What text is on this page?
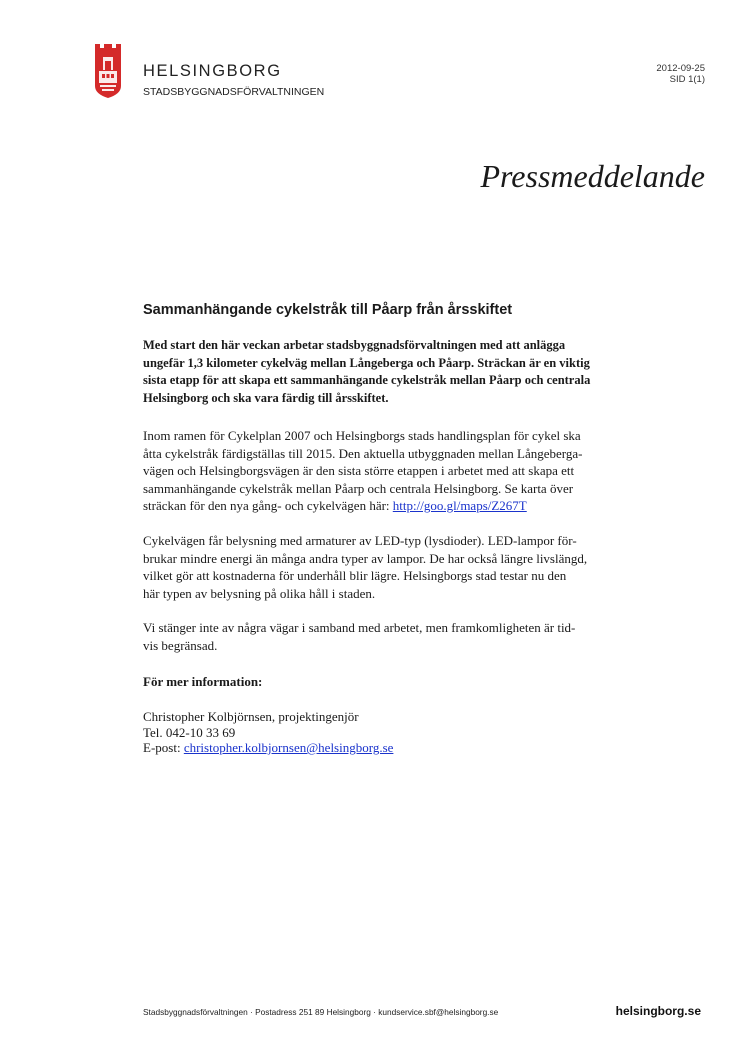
HELSINGBORG
STADSBYGGNADSFÖRVALTNINGEN
2012-09-25
SID 1(1)
Pressmeddelande
Sammanhängande cykelstråk till Påarp från årsskiftet
Med start den här veckan arbetar stadsbyggnadsförvaltningen med att anlägga
ungefär 1,3 kilometer cykelväg mellan Långeberga och Påarp. Sträckan är en viktig
sista etapp för att skapa ett sammanhängande cykelstråk mellan Påarp och centrala
Helsingborg och ska vara färdig till årsskiftet.
Inom ramen för Cykelplan 2007 och Helsingborgs stads handlingsplan för cykel ska
åtta cykelstråk färdigställas till 2015. Den aktuella utbyggnaden mellan Långeberga-
vägen och Helsingborgsvägen är den sista större etappen i arbetet med att skapa ett
sammanhängande cykelstråk mellan Påarp och centrala Helsingborg. Se karta över
sträckan för den nya gång- och cykelvägen här: http://goo.gl/maps/Z267T
Cykelvägen får belysning med armaturer av LED-typ (lysdioder). LED-lampor för-
brukar mindre energi än många andra typer av lampor. De har också längre livslängd,
vilket gör att kostnaderna för underhåll blir lägre. Helsingborgs stad testar nu den
här typen av belysning på olika håll i staden.
Vi stänger inte av några vägar i samband med arbetet, men framkomligheten är tid-
vis begränsad.
För mer information:
Christopher Kolbjörnsen, projektingenjör
Tel. 042-10 33 69
E-post: christopher.kolbjornsen@helsingborg.se
Stadsbyggnadsförvaltningen · Postadress 251 89 Helsingborg · kundservice.sbf@helsingborg.se	helsingborg.se
